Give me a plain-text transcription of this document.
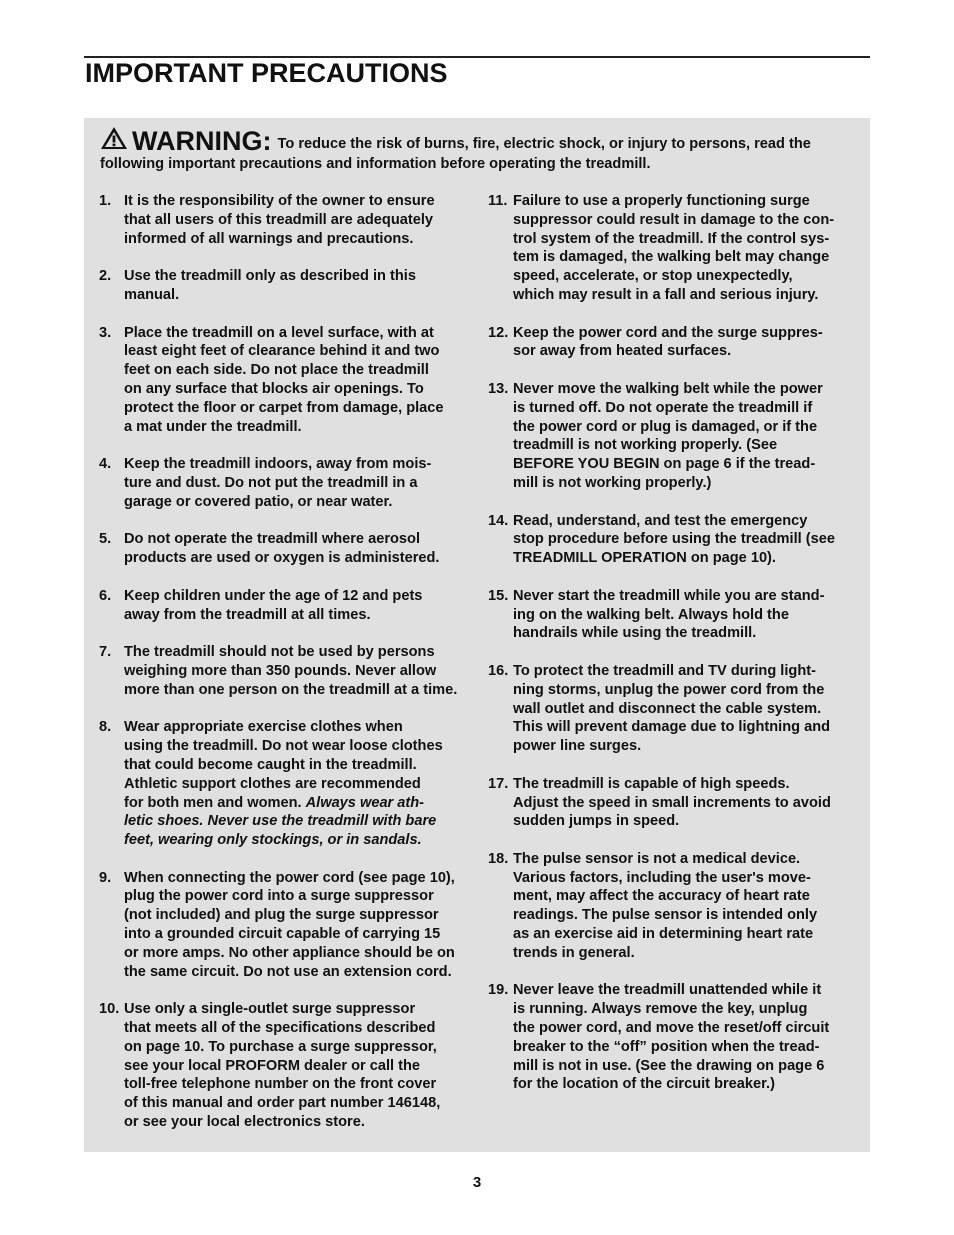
IMPORTANT PRECAUTIONS
WARNING: To reduce the risk of burns, fire, electric shock, or injury to persons, read the following important precautions and information before operating the treadmill.
1. It is the responsibility of the owner to ensure
that all users of this treadmill are adequately
informed of all warnings and precautions.
2. Use the treadmill only as described in this
manual.
3. Place the treadmill on a level surface, with at
least eight feet of clearance behind it and two
feet on each side. Do not place the treadmill
on any surface that blocks air openings. To
protect the floor or carpet from damage, place
a mat under the treadmill.
4. Keep the treadmill indoors, away from mois-
ture and dust. Do not put the treadmill in a
garage or covered patio, or near water.
5. Do not operate the treadmill where aerosol
products are used or oxygen is administered.
6. Keep children under the age of 12 and pets
away from the treadmill at all times.
7. The treadmill should not be used by persons
weighing more than 350 pounds. Never allow
more than one person on the treadmill at a time.
8. Wear appropriate exercise clothes when
using the treadmill. Do not wear loose clothes
that could become caught in the treadmill.
Athletic support clothes are recommended
for both men and women. Always wear ath-
letic shoes. Never use the treadmill with bare
feet, wearing only stockings, or in sandals.
9. When connecting the power cord (see page 10),
plug the power cord into a surge suppressor
(not included) and plug the surge suppressor
into a grounded circuit capable of carrying 15
or more amps. No other appliance should be on
the same circuit. Do not use an extension cord.
10. Use only a single-outlet surge suppressor
that meets all of the specifications described
on page 10. To purchase a surge suppressor,
see your local PROFORM dealer or call the
toll-free telephone number on the front cover
of this manual and order part number 146148,
or see your local electronics store.
11. Failure to use a properly functioning surge
suppressor could result in damage to the con-
trol system of the treadmill. If the control sys-
tem is damaged, the walking belt may change
speed, accelerate, or stop unexpectedly,
which may result in a fall and serious injury.
12. Keep the power cord and the surge suppres-
sor away from heated surfaces.
13. Never move the walking belt while the power
is turned off. Do not operate the treadmill if
the power cord or plug is damaged, or if the
treadmill is not working properly. (See
BEFORE YOU BEGIN on page 6 if the tread-
mill is not working properly.)
14. Read, understand, and test the emergency
stop procedure before using the treadmill (see
TREADMILL OPERATION on page 10).
15. Never start the treadmill while you are stand-
ing on the walking belt. Always hold the
handrails while using the treadmill.
16. To protect the treadmill and TV during light-
ning storms, unplug the power cord from the
wall outlet and disconnect the cable system.
This will prevent damage due to lightning and
power line surges.
17. The treadmill is capable of high speeds.
Adjust the speed in small increments to avoid
sudden jumps in speed.
18. The pulse sensor is not a medical device.
Various factors, including the user's move-
ment, may affect the accuracy of heart rate
readings. The pulse sensor is intended only
as an exercise aid in determining heart rate
trends in general.
19. Never leave the treadmill unattended while it
is running. Always remove the key, unplug
the power cord, and move the reset/off circuit
breaker to the “off” position when the tread-
mill is not in use. (See the drawing on page 6
for the location of the circuit breaker.)
3
